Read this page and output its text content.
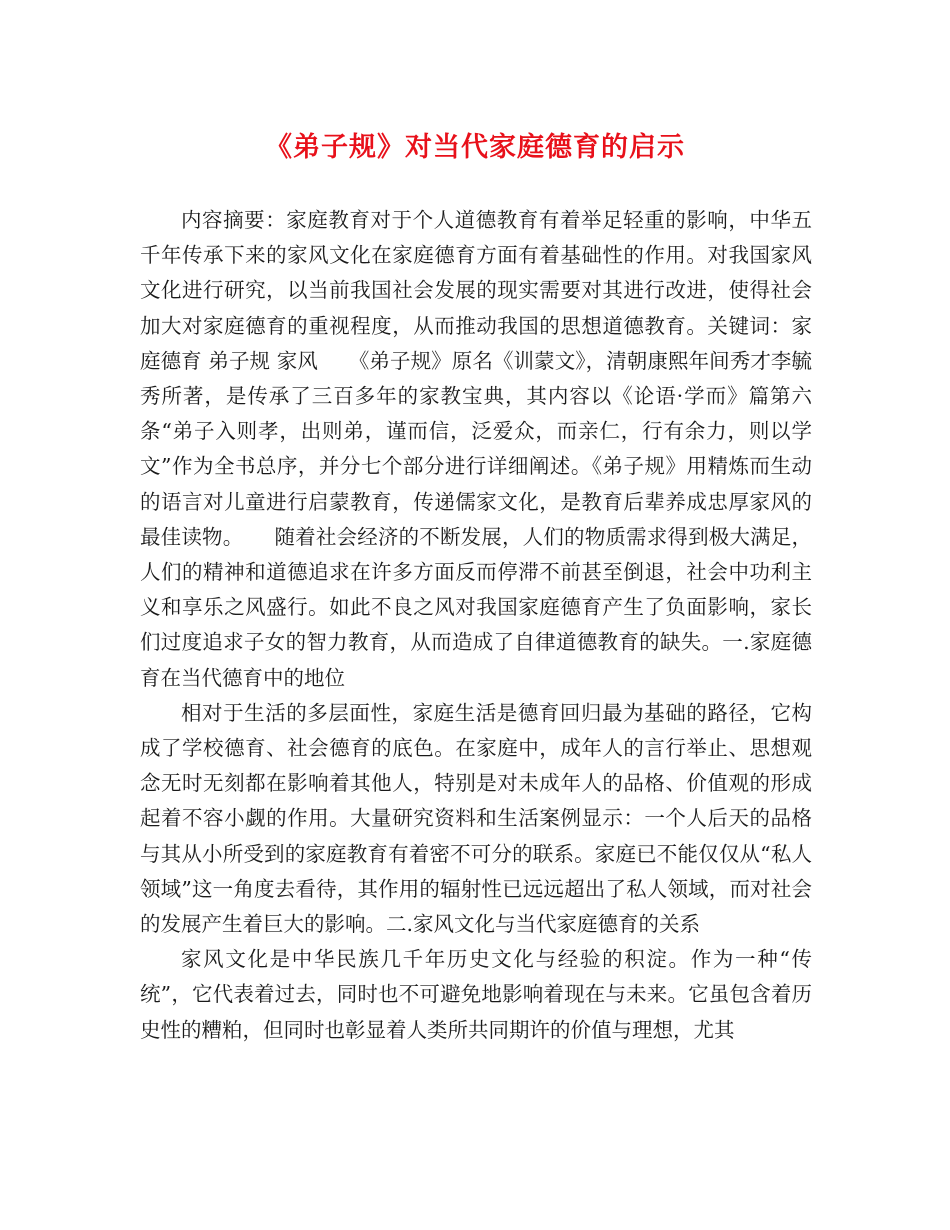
《弟子规》对当代家庭德育的启示

内容摘要：家庭教育对于个人道德教育有着举足轻重的影响，中华五千年传承下来的家风文化在家庭德育方面有着基础性的作用。对我国家风文化进行研究，以当前我国社会发展的现实需要对其进行改进，使得社会加大对家庭德育的重视程度，从而推动我国的思想道德教育。关键词：家庭德育 弟子规 家风　　《弟子规》原名《训蒙文》，清朝康熙年间秀才李毓秀所著，是传承了三百多年的家教宝典，其内容以《论语·学而》篇第六条“弟子入则孝，出则弟，谨而信，泛爱众，而亲仁，行有余力，则以学文”作为全书总序，并分七个部分进行详细阐述。《弟子规》用精炼而生动的语言对儿童进行启蒙教育，传递儒家文化，是教育后辈养成忠厚家风的最佳读物。　　随着社会经济的不断发展，人们的物质需求得到极大满足，人们的精神和道德追求在许多方面反而停滞不前甚至倒退，社会中功利主义和享乐之风盛行。如此不良之风对我国家庭德育产生了负面影响，家长们过度追求子女的智力教育，从而造成了自律道德教育的缺失。一.家庭德育在当代德育中的地位

相对于生活的多层面性，家庭生活是德育回归最为基础的路径，它构成了学校德育、社会德育的底色。在家庭中，成年人的言行举止、思想观念无时无刻都在影响着其他人，特别是对未成年人的品格、价值观的形成起着不容小觑的作用。大量研究资料和生活案例显示：一个人后天的品格与其从小所受到的家庭教育有着密不可分的联系。家庭已不能仅仅从“私人领域”这一角度去看待，其作用的辐射性已远远超出了私人领域，而对社会的发展产生着巨大的影响。二.家风文化与当代家庭德育的关系

家风文化是中华民族几千年历史文化与经验的积淀。作为一种“传统”，它代表着过去，同时也不可避免地影响着现在与未来。它虽包含着历史性的糟粕，但同时也彰显着人类所共同期许的价值与理想，尤其
